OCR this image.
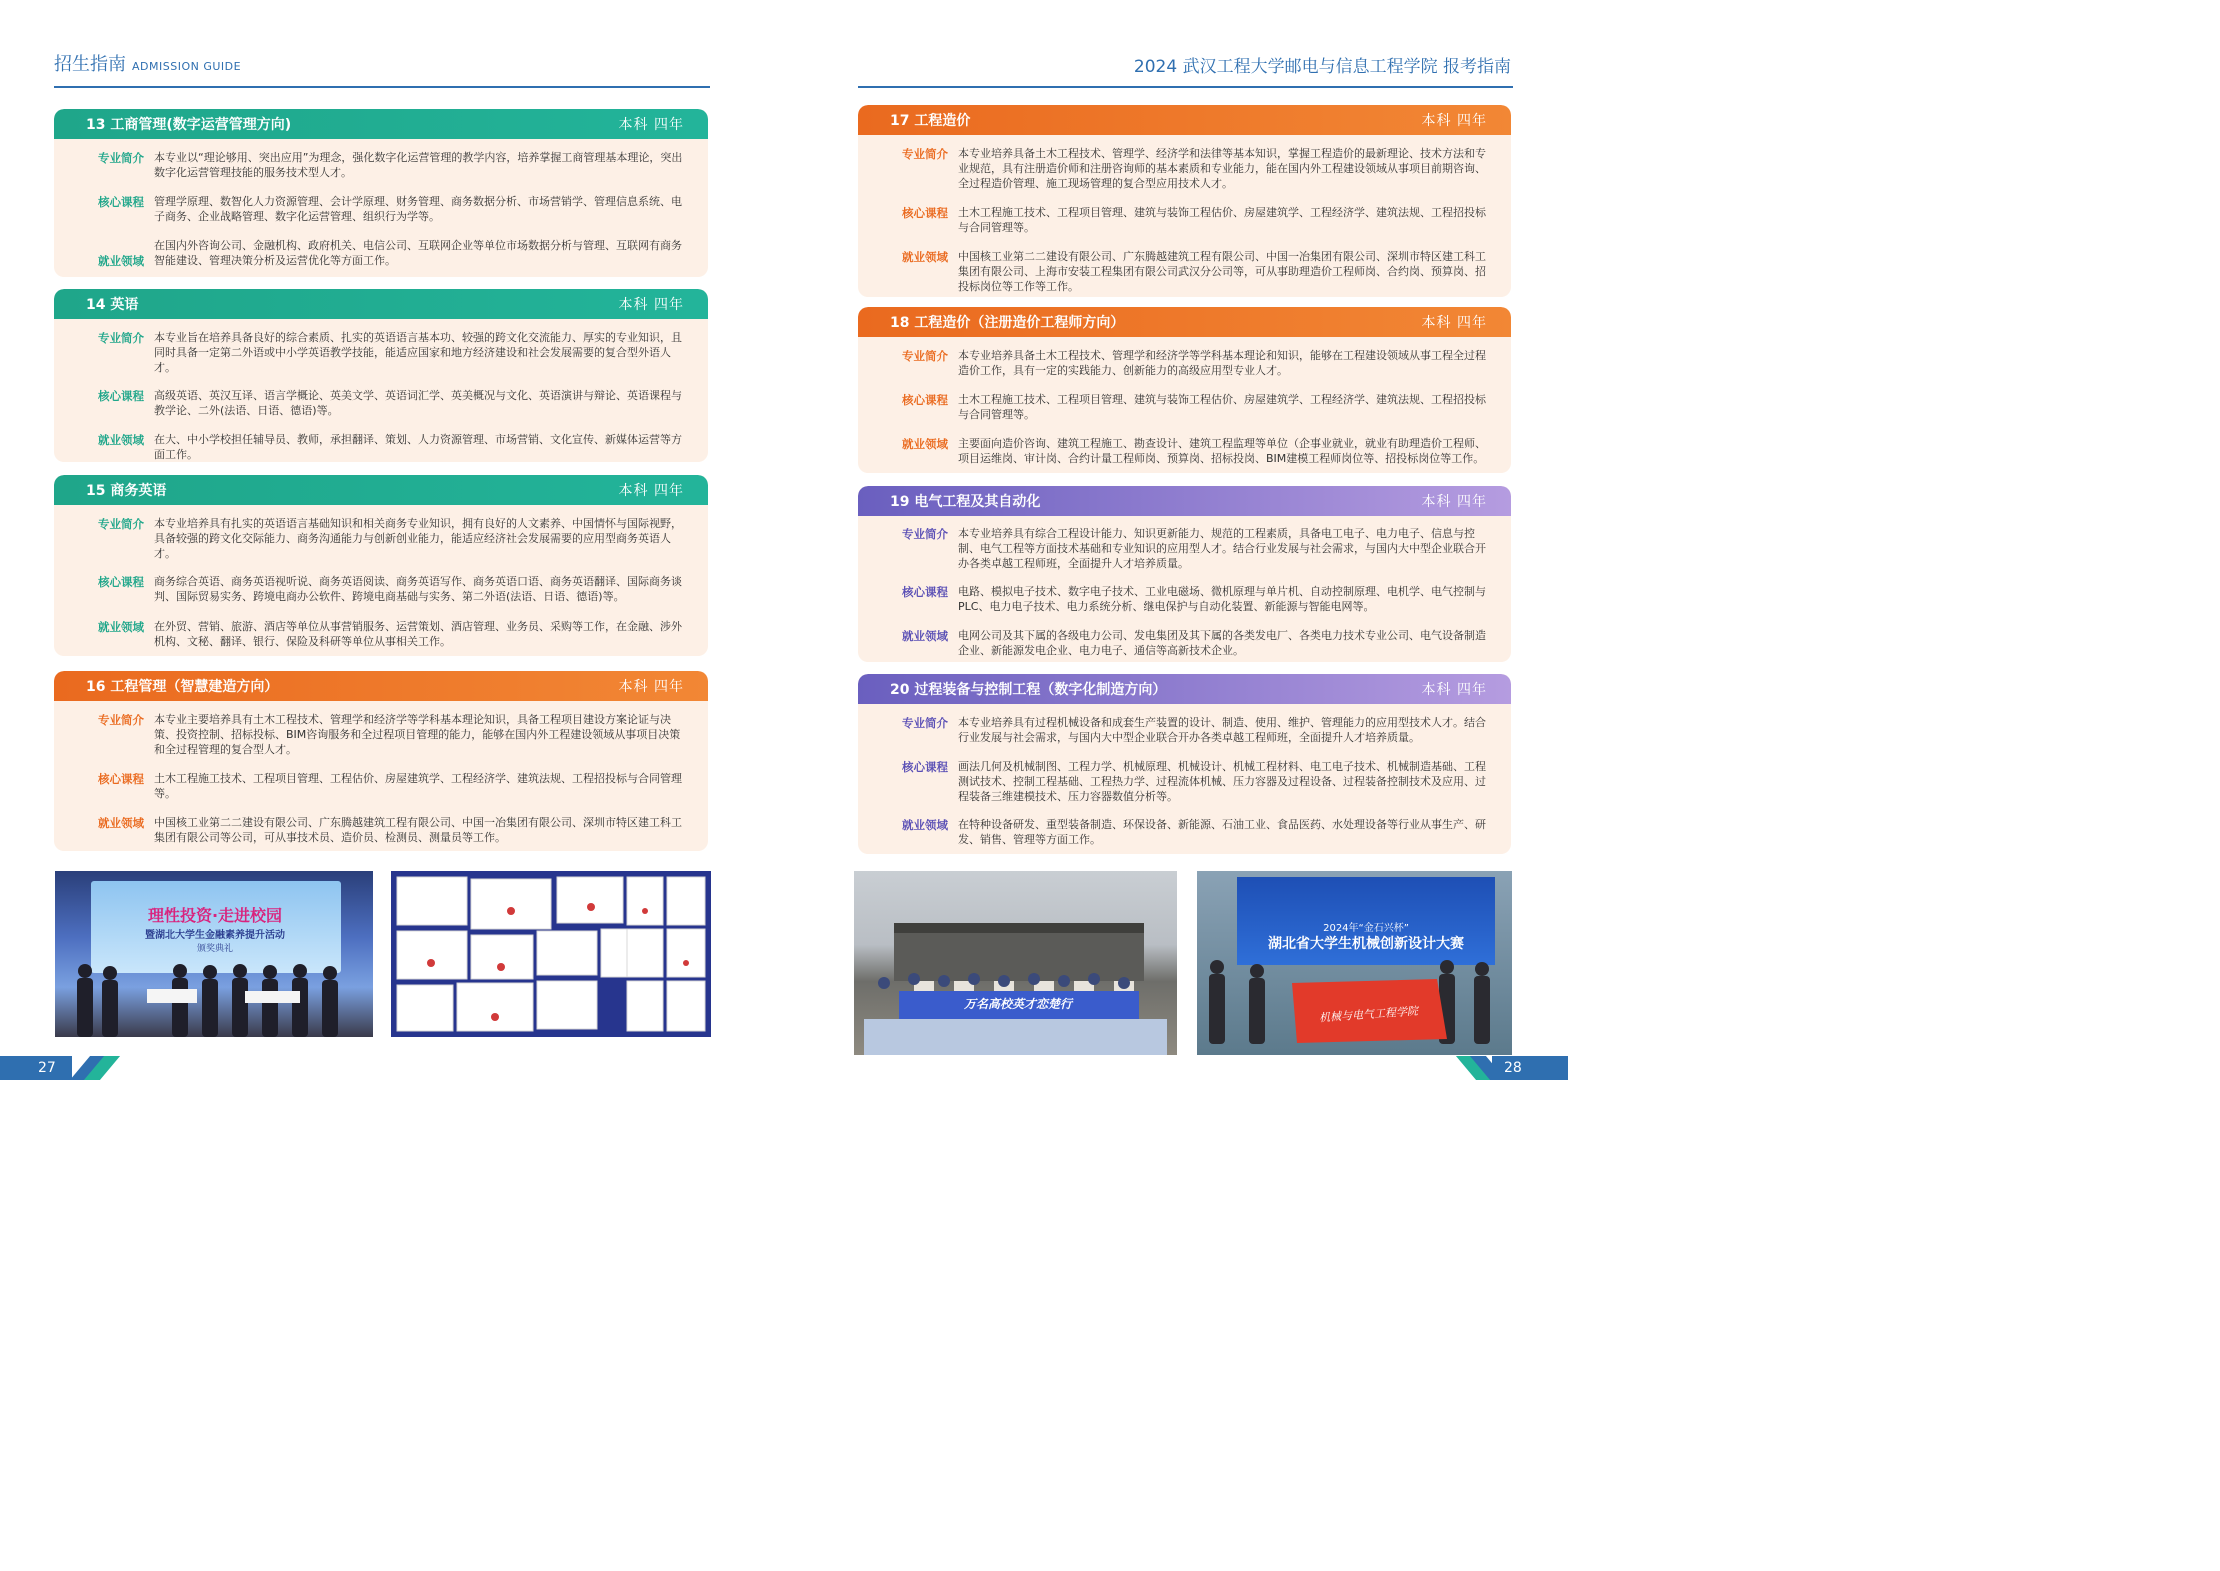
招生指南 ADMISSION GUIDE	2024 武汉工程大学邮电与信息工程学院 报考指南
13 工商管理(数字运营管理方向)	本科 四年
专业简介 本专业以“理论够用、突出应用”为理念，强化数字化运营管理的教学内容，培养掌握工商管理基本理论，突出数字化运营管理技能的服务技术型人才。
核心课程 管理学原理、数智化人力资源管理、会计学原理、财务管理、商务数据分析、市场营销学、管理信息系统、电子商务、企业战略管理、数字化运营管理、组织行为学等。
就业领域
在国内外咨询公司、金融机构、政府机关、电信公司、互联网企业等单位市场数据分析与管理、互联网有商务智能建设、管理决策分析及运营优化等方面工作。
14 英语	本科 四年
专业简介 本专业旨在培养具备良好的综合素质、扎实的英语语言基本功、较强的跨文化交流能力、厚实的专业知识，且同时具备一定第二外语或中小学英语教学技能，能适应国家和地方经济建设和社会发展需要的复合型外语人才。
核心课程 高级英语、英汉互译、语言学概论、英美文学、英语词汇学、英美概况与文化、英语演讲与辩论、英语课程与教学论、二外(法语、日语、德语)等。
就业领域 在大、中小学校担任辅导员、教师，承担翻译、策划、人力资源管理、市场营销、文化宣传、新媒体运营等方面工作。
15 商务英语	本科 四年
专业简介 本专业培养具有扎实的英语语言基础知识和相关商务专业知识，拥有良好的人文素养、中国情怀与国际视野，具备较强的跨文化交际能力、商务沟通能力与创新创业能力，能适应经济社会发展需要的应用型商务英语人才。
核心课程 商务综合英语、商务英语视听说、商务英语阅读、商务英语写作、商务英语口语、商务英语翻译、国际商务谈判、国际贸易实务、跨境电商办公软件、跨境电商基础与实务、第二外语(法语、日语、德语)等。
就业领域 在外贸、营销、旅游、酒店等单位从事营销服务、运营策划、酒店管理、业务员、采购等工作，在金融、涉外机构、文秘、翻译、银行、保险及科研等单位从事相关工作。
16 工程管理（智慧建造方向）	本科 四年
专业简介 本专业主要培养具有土木工程技术、管理学和经济学等学科基本理论知识，具备工程项目建设方案论证与决策、投资控制、招标投标、BIM咨询服务和全过程项目管理的能力，能够在国内外工程建设领域从事项目决策和全过程管理的复合型人才。
核心课程 土木工程施工技术、工程项目管理、工程估价、房屋建筑学、工程经济学、建筑法规、工程招投标与合同管理等。
就业领域 中国核工业第二二建设有限公司、广东腾越建筑工程有限公司、中国一冶集团有限公司、深圳市特区建工科工集团有限公司等公司，可从事技术员、造价员、检测员、测量员等工作。
17 工程造价	本科 四年
专业简介 本专业培养具备土木工程技术、管理学、经济学和法律等基本知识，掌握工程造价的最新理论、技术方法和专业规范，具有注册造价师和注册咨询师的基本素质和专业能力，能在国内外工程建设领域从事项目前期咨询、全过程造价管理、施工现场管理的复合型应用技术人才。
核心课程 土木工程施工技术、工程项目管理、建筑与装饰工程估价、房屋建筑学、工程经济学、建筑法规、工程招投标与合同管理等。
就业领域 中国核工业第二二建设有限公司、广东腾越建筑工程有限公司、中国一冶集团有限公司、深圳市特区建工科工集团有限公司、上海市安装工程集团有限公司武汉分公司等，可从事助理造价工程师岗、合约岗、预算岗、招投标岗位等工作等工作。
18 工程造价（注册造价工程师方向）	本科 四年
专业简介 本专业培养具备土木工程技术、管理学和经济学等学科基本理论和知识，能够在工程建设领域从事工程全过程造价工作，具有一定的实践能力、创新能力的高级应用型专业人才。
核心课程 土木工程施工技术、工程项目管理、建筑与装饰工程估价、房屋建筑学、工程经济学、建筑法规、工程招投标与合同管理等。
就业领域 主要面向造价咨询、建筑工程施工、勘查设计、建筑工程监理等单位（企事业就业，就业有助理造价工程师、项目运维岗、审计岗、合约计量工程师岗、预算岗、招标投岗、BIM建模工程师岗位等、招投标岗位等工作。
19 电气工程及其自动化	本科 四年
专业简介 本专业培养具有综合工程设计能力、知识更新能力、规范的工程素质，具备电工电子、电力电子、信息与控制、电气工程等方面技术基础和专业知识的应用型人才。结合行业发展与社会需求，与国内大中型企业联合开办各类卓越工程师班，全面提升人才培养质量。
核心课程 电路、模拟电子技术、数字电子技术、工业电磁场、微机原理与单片机、自动控制原理、电机学、电气控制与PLC、电力电子技术、电力系统分析、继电保护与自动化装置、新能源与智能电网等。
就业领域 电网公司及其下属的各级电力公司、发电集团及其下属的各类发电厂、各类电力技术专业公司、电气设备制造企业、新能源发电企业、电力电子、通信等高新技术企业。
20 过程装备与控制工程（数字化制造方向）	本科 四年
专业简介 本专业培养具有过程机械设备和成套生产装置的设计、制造、使用、维护、管理能力的应用型技术人才。结合行业发展与社会需求，与国内大中型企业联合开办各类卓越工程师班，全面提升人才培养质量。
核心课程 画法几何及机械制图、工程力学、机械原理、机械设计、机械工程材料、电工电子技术、机械制造基础、工程测试技术、控制工程基础、工程热力学、过程流体机械、压力容器及过程设备、过程装备控制技术及应用、过程装备三维建模技术、压力容器数值分析等。
就业领域 在特种设备研发、重型装备制造、环保设备、新能源、石油工业、食品医药、水处理设备等行业从事生产、研发、销售、管理等方面工作。
理性投资·走进校园
暨湖北大学生金融素养提升活动
颁奖典礼
万名高校英才恋楚行
2024年“金石兴杯”
湖北省大学生机械创新设计大赛
机械与电气工程学院
27	28
